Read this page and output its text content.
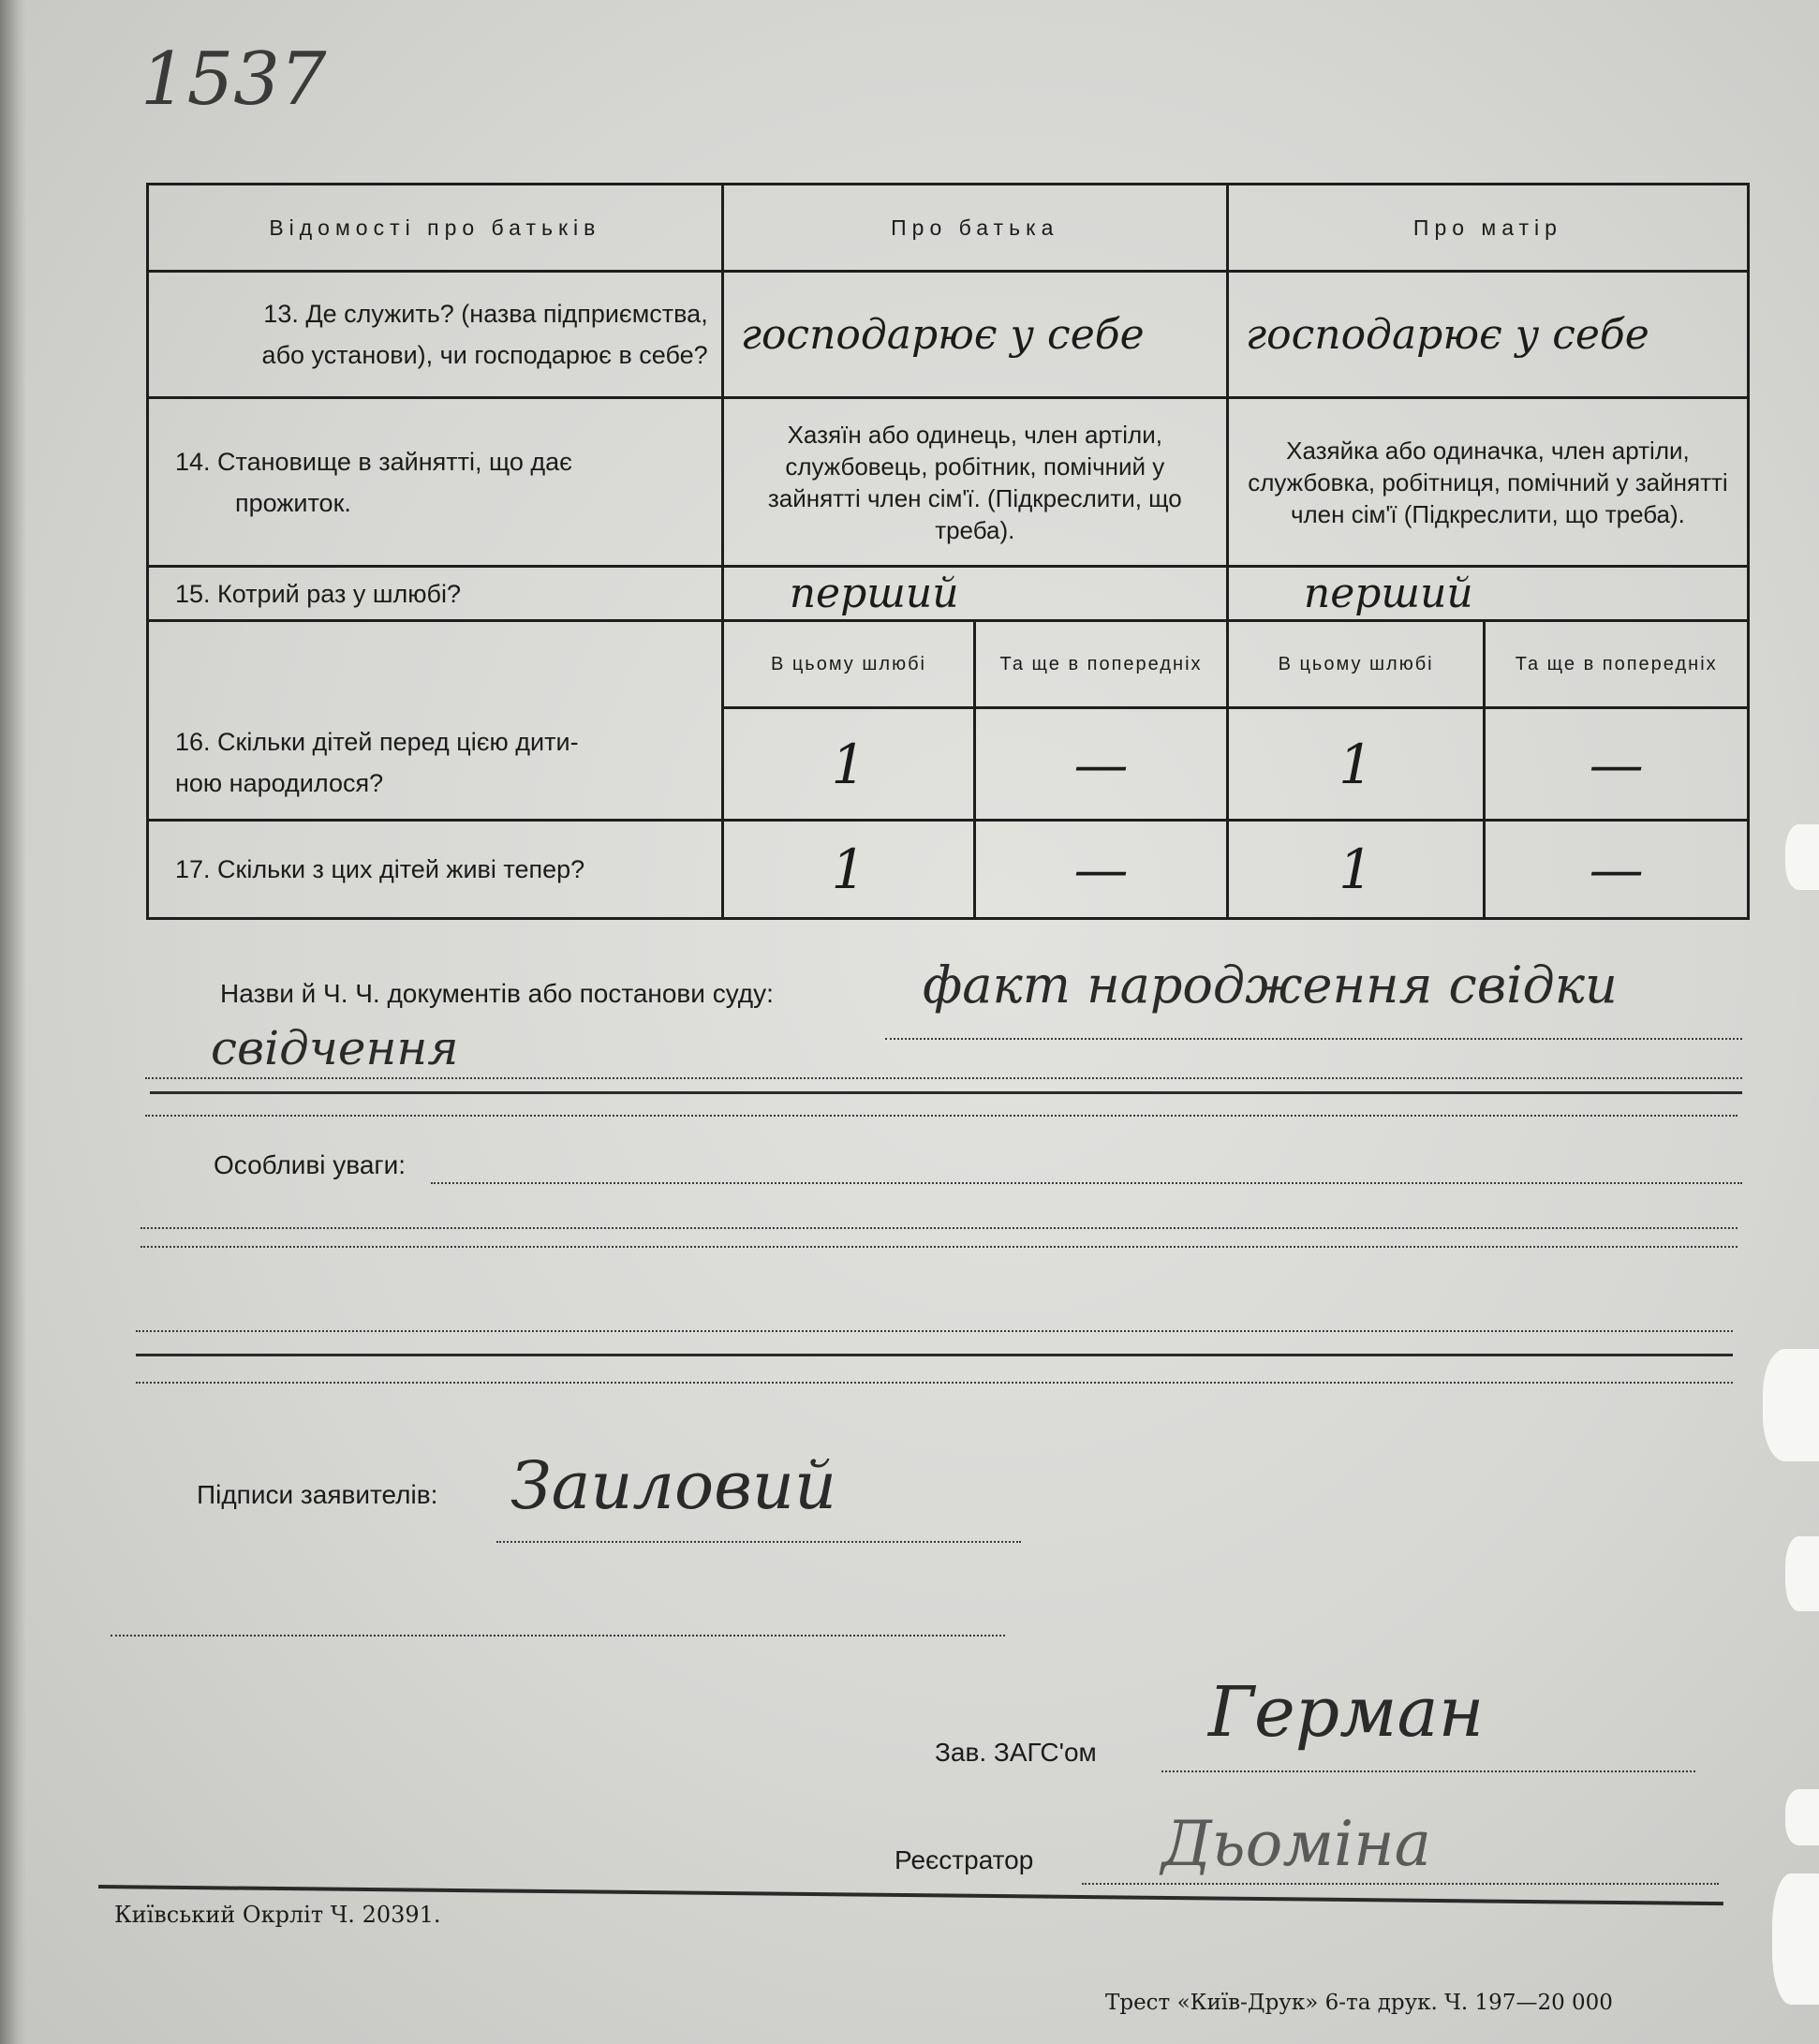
1537
Відомості про батьків	Про батька		Про матір	

13. Де служить? (назва підприємства,
або установи), чи господарює в себе?	господарює у себе		господарює у себе	

14. Становище в зайнятті, що дає
прожиток.	Хазяїн або одинець, член артіли, службовець, робітник, помічний у зайнятті член сім'ї. (Підкреслити, що треба).		Хазяйка або одиначка, член артіли, службовка, робітниця, помічний у зайнятті член сім'ї (Підкреслити, що треба).	
15. Котрий раз у шлюбі?	перший		перший	

16. Скільки дітей перед цією дити-
ною народилося?	В цьому шлюбі	Та ще в попередніх	В цьому шлюбі	Та ще в попередніх
	1	—	1	—
17. Скільки з цих дітей живі тепер?	1	—	1	—
Назви й Ч. Ч. документів або постанови суду:	факт народження свідки
свідчення
Особливі уваги:
Підписи заявителів: Заиловий
Зав. ЗАГС'ом Герман
Реєстратор Дьоміна
Київський Окрліт Ч. 20391.
Трест «Київ-Друк» 6-та друк. Ч. 197—20 000
